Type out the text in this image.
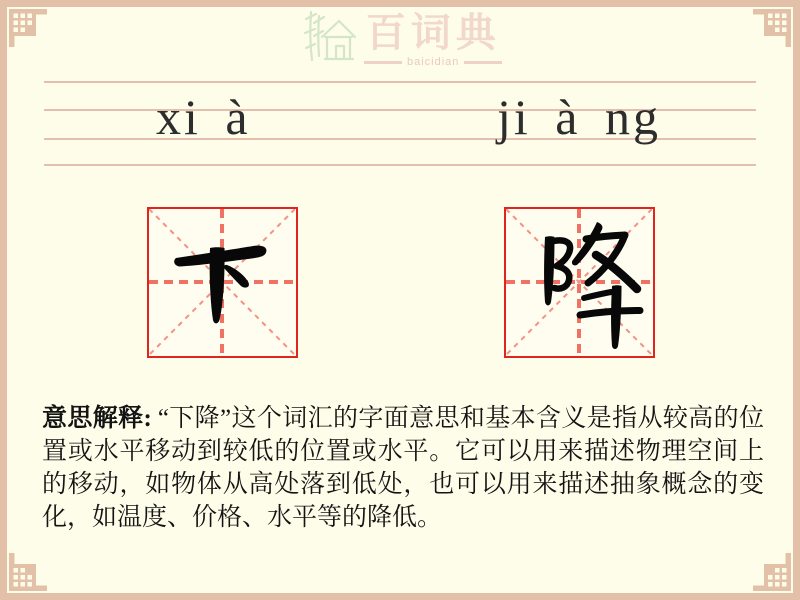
百词典
baicidian
xi à	ji à ng

意思解释: “下降”这个词汇的字面意思和基本含义是指从较高的位置或水平移动到较低的位置或水平。它可以用来描述物理空间上的移动，如物体从高处落到低处，也可以用来描述抽象概念的变化，如温度、价格、水平等的降低。
